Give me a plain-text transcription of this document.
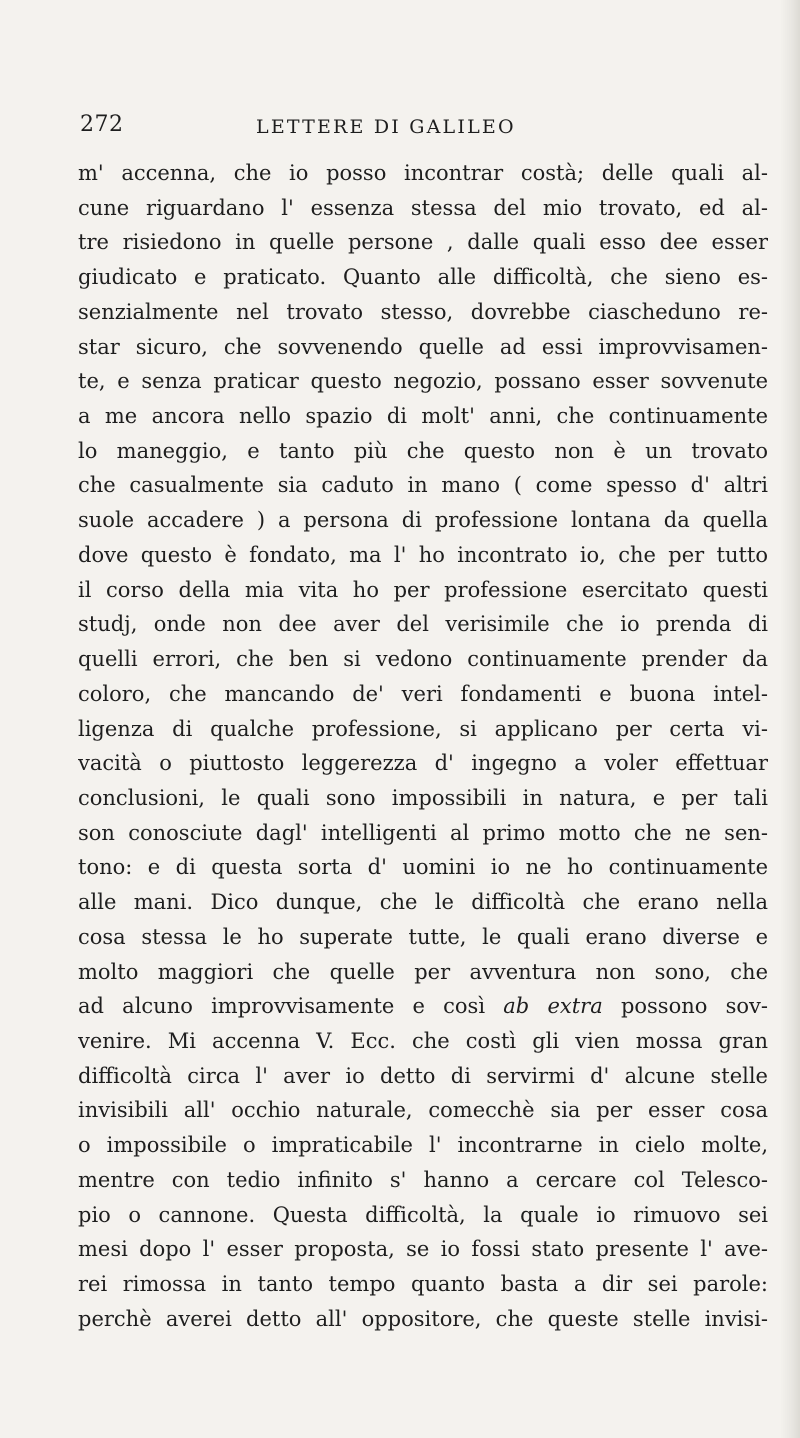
272	LETTERE DI GALILEO
m' accenna, che io posso incontrar costà; delle quali al-
cune riguardano l' essenza stessa del mio trovato, ed al-
tre risiedono in quelle persone , dalle quali esso dee esser
giudicato e praticato. Quanto alle difficoltà, che sieno es-
senzialmente nel trovato stesso, dovrebbe ciascheduno re-
star sicuro, che sovvenendo quelle ad essi improvvisamen-
te, e senza praticar questo negozio, possano esser sovvenute
a me ancora nello spazio di molt' anni, che continuamente
lo maneggio, e tanto più che questo non è un trovato
che casualmente sia caduto in mano ( come spesso d' altri
suole accadere ) a persona di professione lontana da quella
dove questo è fondato, ma l' ho incontrato io, che per tutto
il corso della mia vita ho per professione esercitato questi
studj, onde non dee aver del verisimile che io prenda di
quelli errori, che ben si vedono continuamente prender da
coloro, che mancando de' veri fondamenti e buona intel-
ligenza di qualche professione, si applicano per certa vi-
vacità o piuttosto leggerezza d' ingegno a voler effettuar
conclusioni, le quali sono impossibili in natura, e per tali
son conosciute dagl' intelligenti al primo motto che ne sen-
tono: e di questa sorta d' uomini io ne ho continuamente
alle mani. Dico dunque, che le difficoltà che erano nella
cosa stessa le ho superate tutte, le quali erano diverse e
molto maggiori che quelle per avventura non sono, che
ad alcuno improvvisamente e così ab extra possono sov-
venire. Mi accenna V. Ecc. che costì gli vien mossa gran
difficoltà circa l' aver io detto di servirmi d' alcune stelle
invisibili all' occhio naturale, comecchè sia per esser cosa
o impossibile o impraticabile l' incontrarne in cielo molte,
mentre con tedio infinito s' hanno a cercare col Telesco-
pio o cannone. Questa difficoltà, la quale io rimuovo sei
mesi dopo l' esser proposta, se io fossi stato presente l' ave-
rei rimossa in tanto tempo quanto basta a dir sei parole:
perchè averei detto all' oppositore, che queste stelle invisi-
